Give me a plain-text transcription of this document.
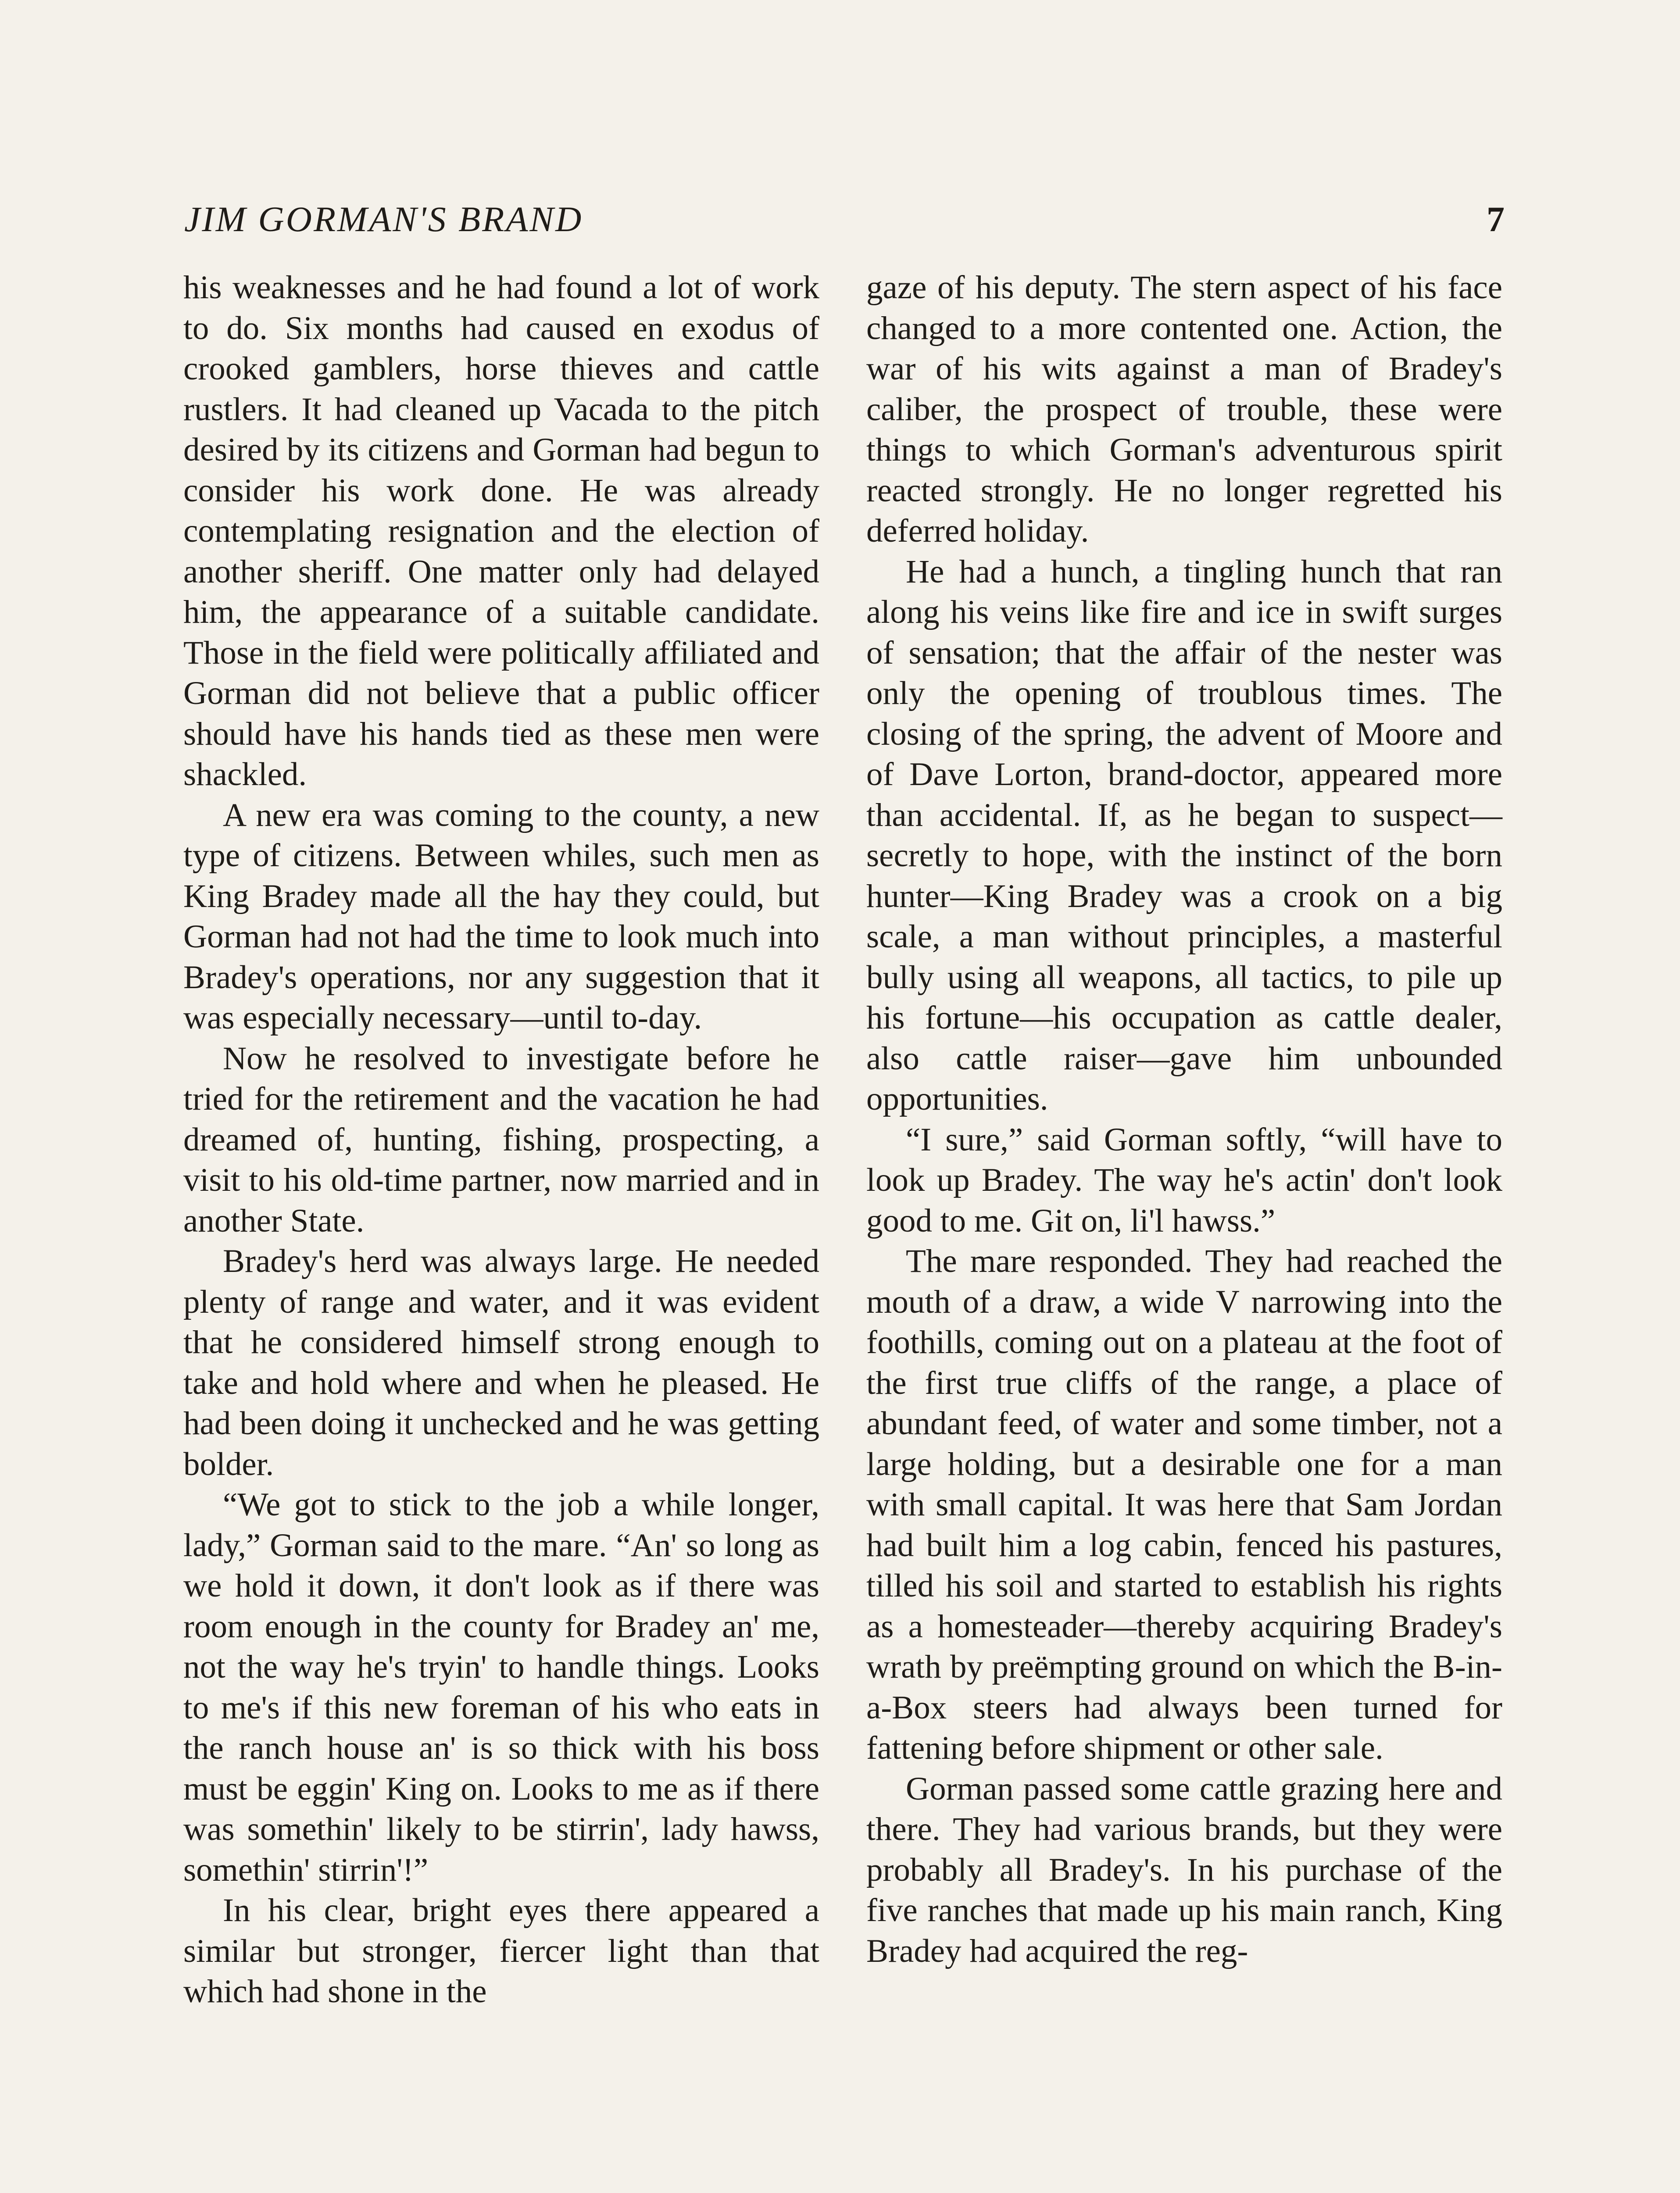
JIM GORMAN'S BRAND	7

his weaknesses and he had found a lot of work to do. Six months had caused en exodus of crooked gamblers, horse thieves and cattle rustlers. It had cleaned up Vacada to the pitch desired by its citizens and Gorman had begun to consider his work done. He was already contemplating resignation and the election of another sheriff. One matter only had delayed him, the appearance of a suitable candidate. Those in the field were politically affiliated and Gorman did not believe that a public officer should have his hands tied as these men were shackled.

A new era was coming to the county, a new type of citizens. Between whiles, such men as King Bradey made all the hay they could, but Gorman had not had the time to look much into Bradey's operations, nor any suggestion that it was especially necessary—until to-day.

Now he resolved to investigate before he tried for the retirement and the vacation he had dreamed of, hunting, fishing, prospecting, a visit to his old-time partner, now married and in another State.

Bradey's herd was always large. He needed plenty of range and water, and it was evident that he considered himself strong enough to take and hold where and when he pleased. He had been doing it unchecked and he was getting bolder.

“We got to stick to the job a while longer, lady,” Gorman said to the mare. “An' so long as we hold it down, it don't look as if there was room enough in the county for Bradey an' me, not the way he's tryin' to handle things. Looks to me's if this new foreman of his who eats in the ranch house an' is so thick with his boss must be eggin' King on. Looks to me as if there was somethin' likely to be stirrin', lady hawss, somethin' stirrin'!”

In his clear, bright eyes there appeared a similar but stronger, fiercer light than that which had shone in the

gaze of his deputy. The stern aspect of his face changed to a more contented one. Action, the war of his wits against a man of Bradey's caliber, the prospect of trouble, these were things to which Gorman's adventurous spirit reacted strongly. He no longer regretted his deferred holiday.

He had a hunch, a tingling hunch that ran along his veins like fire and ice in swift surges of sensation; that the affair of the nester was only the opening of troublous times. The closing of the spring, the advent of Moore and of Dave Lorton, brand-doctor, appeared more than accidental. If, as he began to suspect—secretly to hope, with the instinct of the born hunter—King Bradey was a crook on a big scale, a man without principles, a masterful bully using all weapons, all tactics, to pile up his fortune—his occupation as cattle dealer, also cattle raiser—gave him unbounded opportunities.

“I sure,” said Gorman softly, “will have to look up Bradey. The way he's actin' don't look good to me. Git on, li'l hawss.”

The mare responded. They had reached the mouth of a draw, a wide V narrowing into the foothills, coming out on a plateau at the foot of the first true cliffs of the range, a place of abundant feed, of water and some timber, not a large holding, but a desirable one for a man with small capital. It was here that Sam Jordan had built him a log cabin, fenced his pastures, tilled his soil and started to establish his rights as a homesteader—thereby acquiring Bradey's wrath by preëmpting ground on which the B-in-a-Box steers had always been turned for fattening before shipment or other sale.

Gorman passed some cattle grazing here and there. They had various brands, but they were probably all Bradey's. In his purchase of the five ranches that made up his main ranch, King Bradey had acquired the reg-
